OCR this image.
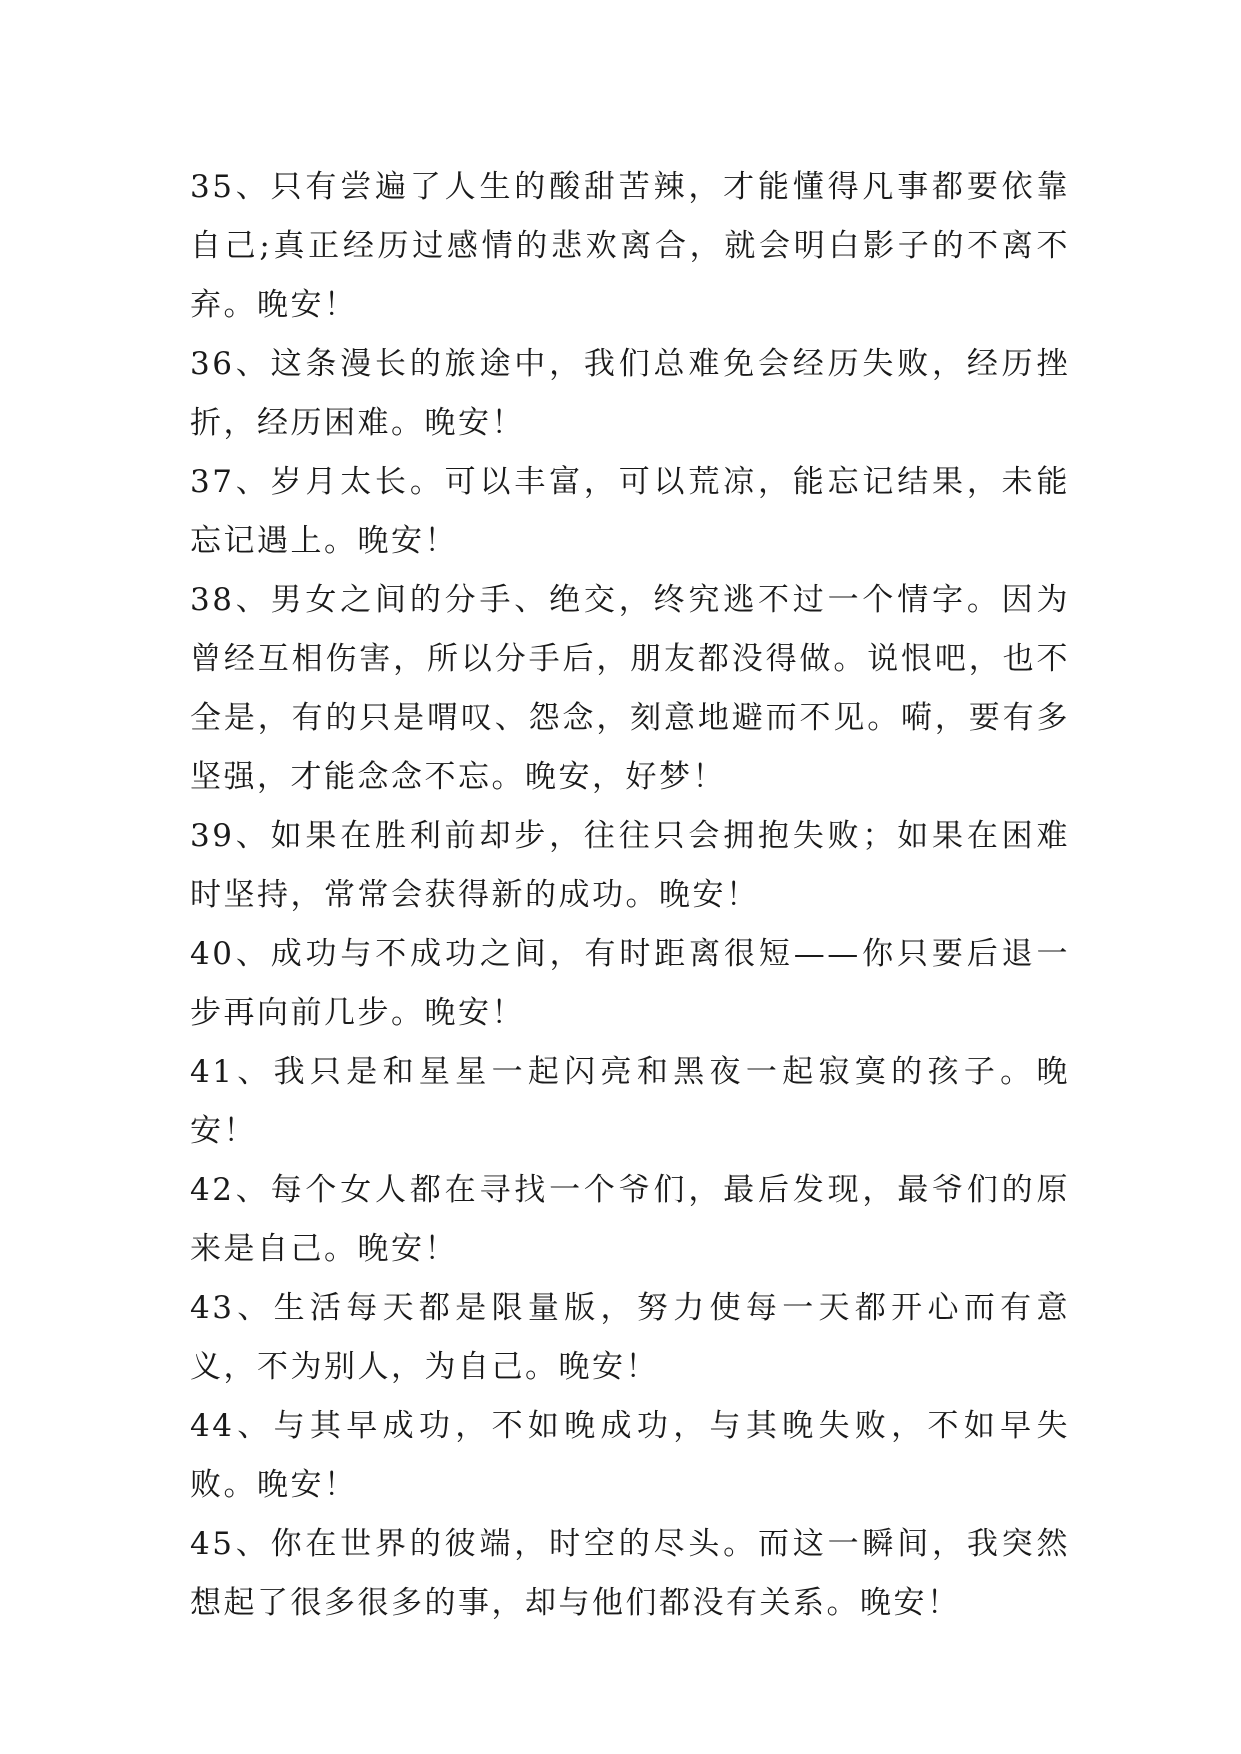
35、只有尝遍了人生的酸甜苦辣，才能懂得凡事都要依靠自己;真正经历过感情的悲欢离合，就会明白影子的不离不弃。晚安！

36、这条漫长的旅途中，我们总难免会经历失败，经历挫折，经历困难。晚安！

37、岁月太长。可以丰富，可以荒凉，能忘记结果，未能忘记遇上。晚安！

38、男女之间的分手、绝交，终究逃不过一个情字。因为曾经互相伤害，所以分手后，朋友都没得做。说恨吧，也不全是，有的只是喟叹、怨念，刻意地避而不见。嗬，要有多坚强，才能念念不忘。晚安，好梦！

39、如果在胜利前却步，往往只会拥抱失败；如果在困难时坚持，常常会获得新的成功。晚安！

40、成功与不成功之间，有时距离很短——你只要后退一步再向前几步。晚安！

41、我只是和星星一起闪亮和黑夜一起寂寞的孩子。晚安！

42、每个女人都在寻找一个爷们，最后发现，最爷们的原来是自己。晚安！

43、生活每天都是限量版，努力使每一天都开心而有意义，不为别人，为自己。晚安！

44、与其早成功，不如晚成功，与其晚失败，不如早失败。晚安！

45、你在世界的彼端，时空的尽头。而这一瞬间，我突然想起了很多很多的事，却与他们都没有关系。晚安！
